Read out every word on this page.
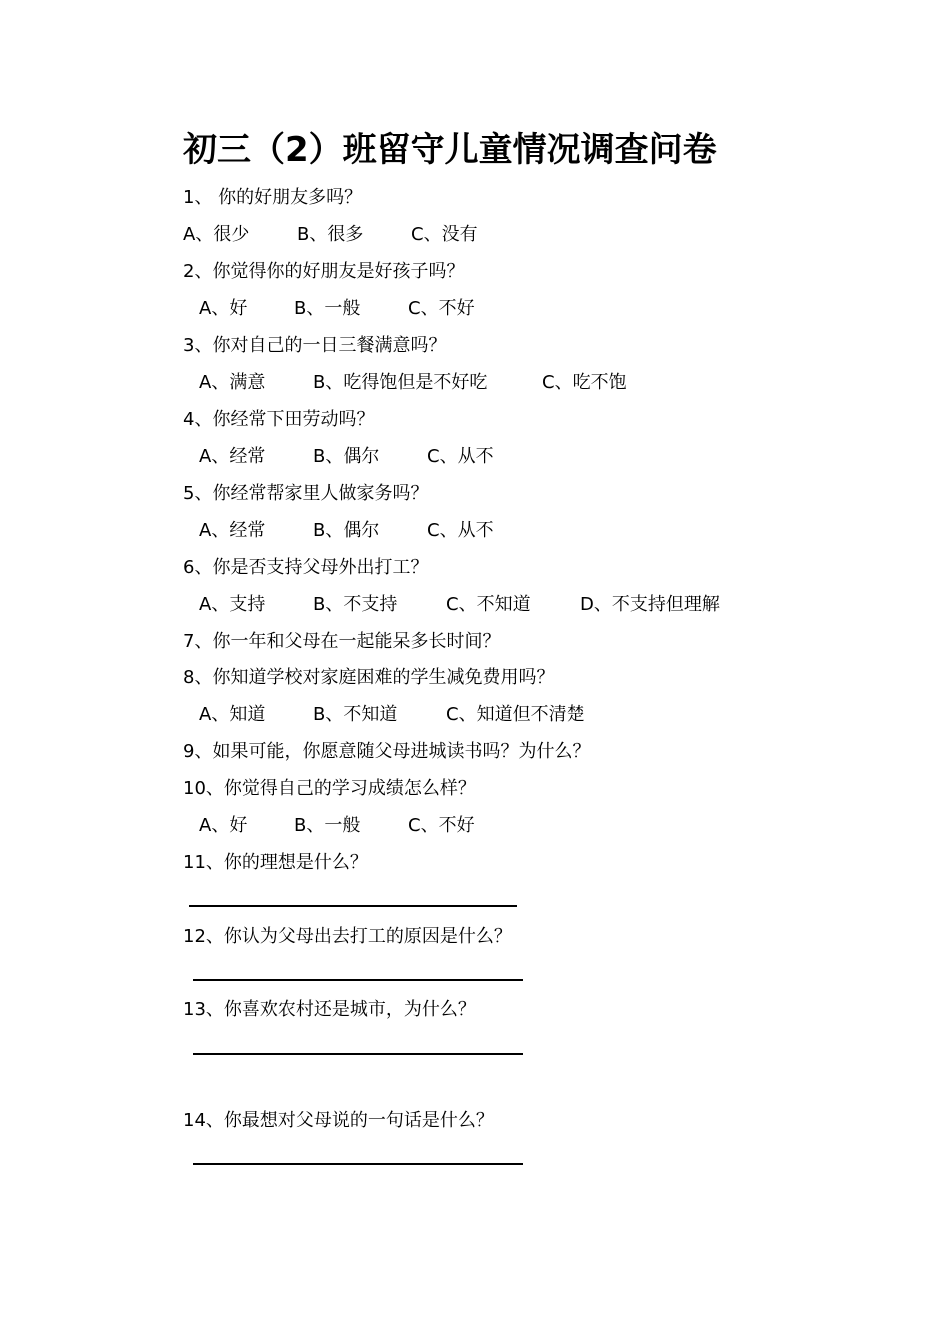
初三（2）班留守儿童情况调查问卷
1、 你的好朋友多吗？
A、很少	B、很多	C、没有
2、你觉得你的好朋友是好孩子吗？
A、好	B、一般	C、不好
3、你对自己的一日三餐满意吗？
A、满意	B、吃得饱但是不好吃	C、吃不饱
4、你经常下田劳动吗？
A、经常	B、偶尔	C、从不
5、你经常帮家里人做家务吗？
A、经常	B、偶尔	C、从不
6、你是否支持父母外出打工？
A、支持	B、不支持	C、不知道	D、不支持但理解
7、你一年和父母在一起能呆多长时间？
8、你知道学校对家庭困难的学生减免费用吗？
A、知道	B、不知道	C、知道但不清楚
9、如果可能，你愿意随父母进城读书吗？为什么？
10、你觉得自己的学习成绩怎么样？
A、好	B、一般	C、不好
11、你的理想是什么？
12、你认为父母出去打工的原因是什么？
13、你喜欢农村还是城市，为什么？
14、你最想对父母说的一句话是什么？
